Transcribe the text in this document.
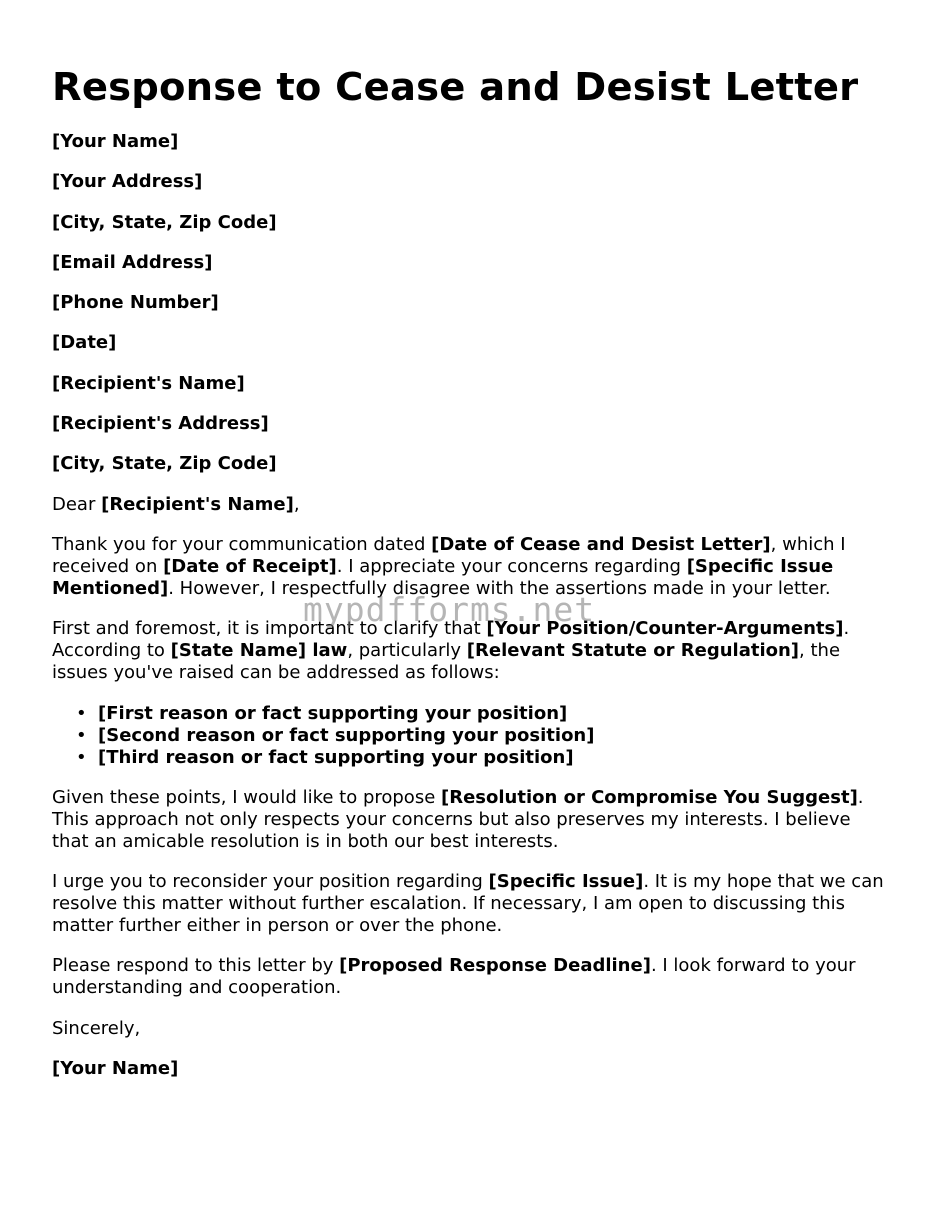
Response to Cease and Desist Letter
[Your Name]
[Your Address]
[City, State, Zip Code]
[Email Address]
[Phone Number]
[Date]
[Recipient's Name]
[Recipient's Address]
[City, State, Zip Code]

Dear [Recipient's Name],

Thank you for your communication dated [Date of Cease and Desist Letter], which I received on [Date of Receipt]. I appreciate your concerns regarding [Specific Issue Mentioned]. However, I respectfully disagree with the assertions made in your letter.

First and foremost, it is important to clarify that [Your Position/Counter-Arguments]. According to [State Name] law, particularly [Relevant Statute or Regulation], the issues you've raised can be addressed as follows:

• [First reason or fact supporting your position]
• [Second reason or fact supporting your position]
• [Third reason or fact supporting your position]

Given these points, I would like to propose [Resolution or Compromise You Suggest]. This approach not only respects your concerns but also preserves my interests. I believe that an amicable resolution is in both our best interests.

I urge you to reconsider your position regarding [Specific Issue]. It is my hope that we can resolve this matter without further escalation. If necessary, I am open to discussing this matter further either in person or over the phone.

Please respond to this letter by [Proposed Response Deadline]. I look forward to your understanding and cooperation.

Sincerely,

[Your Name]
mypdfforms.net
